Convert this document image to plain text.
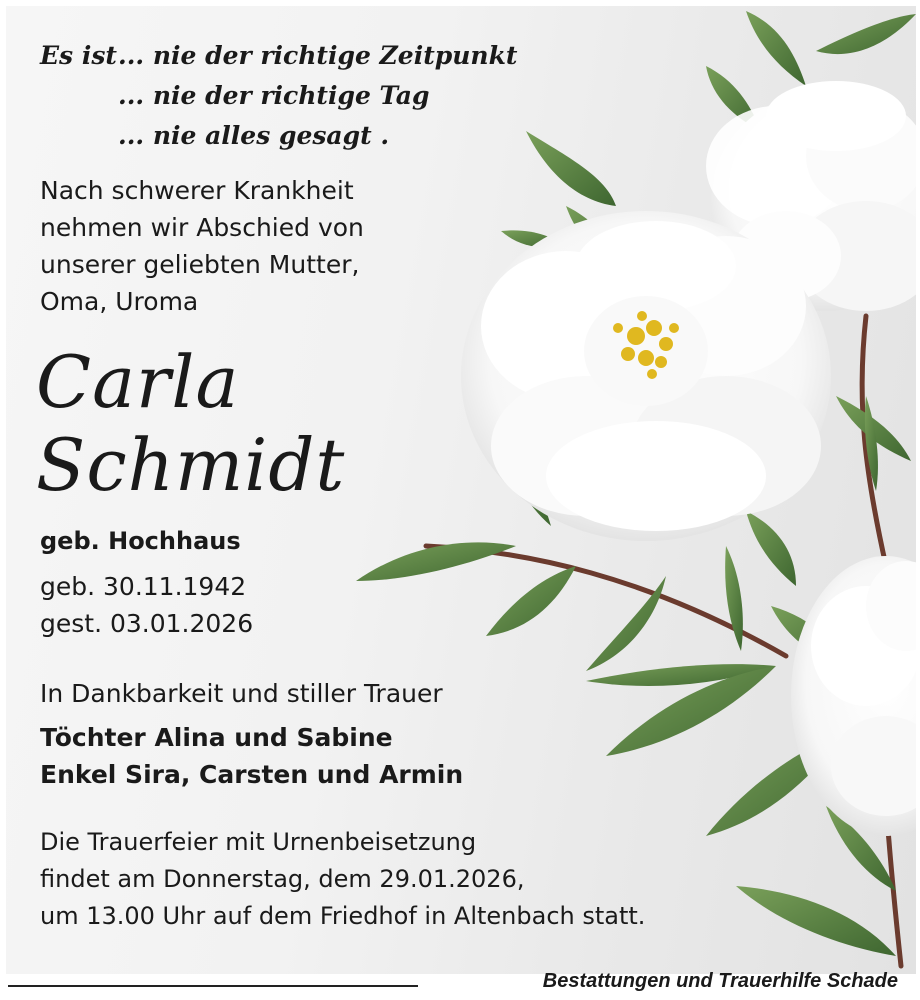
Es ist ... nie der richtige Zeitpunkt
... nie der richtige Tag
... nie alles gesagt .
Nach schwerer Krankheit
nehmen wir Abschied von
unserer geliebten Mutter,
Oma, Uroma
Carla
Schmidt
geb. Hochhaus
geb. 30.11.1942
gest. 03.01.2026
In Dankbarkeit und stiller Trauer
Töchter Alina und Sabine
Enkel Sira, Carsten und Armin
Die Trauerfeier mit Urnenbeisetzung
findet am Donnerstag, dem 29.01.2026,
um 13.00 Uhr auf dem Friedhof in Altenbach statt.
Bestattungen und Trauerhilfe Schade
